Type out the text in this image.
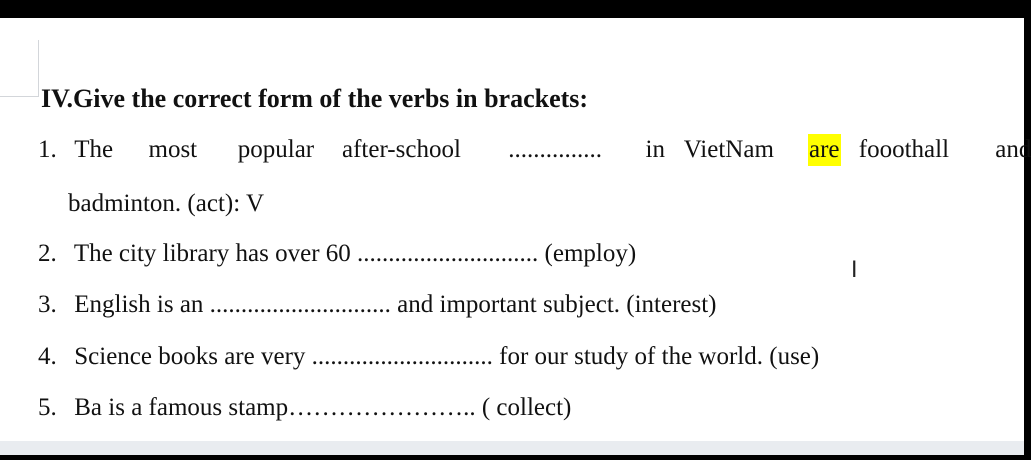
IV.Give the correct form of the verbs in brackets:
1. The most popular after-school ............... in VietNam are fooothall and
badminton. (act): V
2. The city library has over 60 ............................. (employ)
3. English is an ............................. and important subject. (interest)
4. Science books are very ............................. for our study of the world. (use)
5. Ba is a famous stamp………………….. ( collect)
I
